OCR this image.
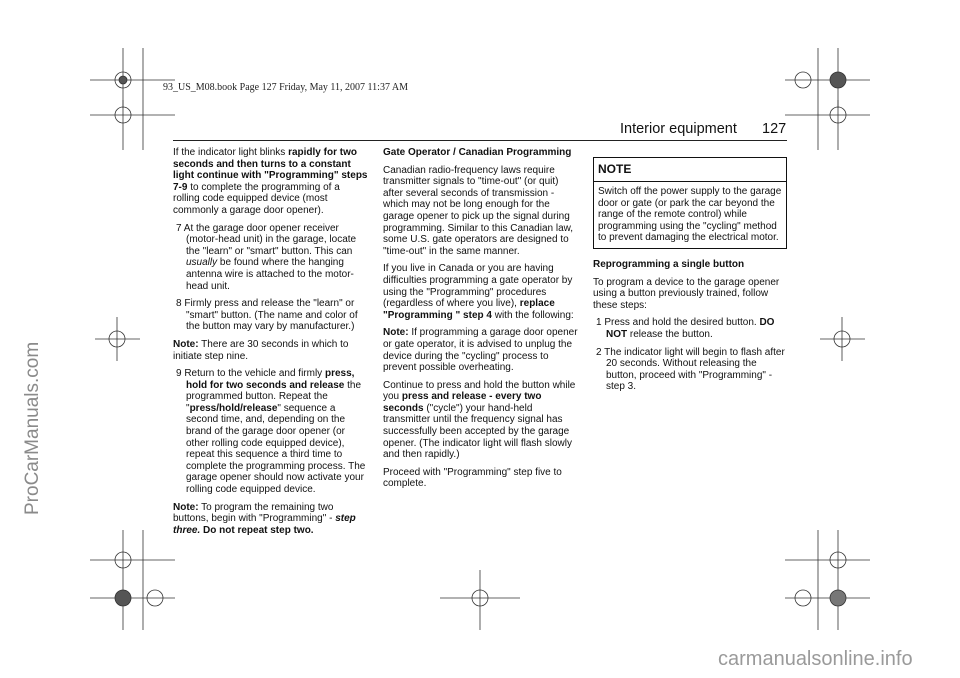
93_US_M08.book Page 127 Friday, May 11, 2007 11:37 AM
Interior equipment 127
ProCarManuals.com
carmanualsonline.info

If the indicator light blinks rapidly for two seconds and then turns to a constant light continue with "Programming" steps 7-9 to complete the programming of a rolling code equipped device (most commonly a garage door opener).

7 At the garage door opener receiver (motor-head unit) in the garage, locate the "learn" or "smart" button. This can usually be found where the hanging antenna wire is attached to the motor-head unit.

8 Firmly press and release the "learn" or "smart" button. (The name and color of the button may vary by manufacturer.)

Note: There are 30 seconds in which to initiate step nine.

9 Return to the vehicle and firmly press, hold for two seconds and release the programmed button. Repeat the "press/hold/release" sequence a second time, and, depending on the brand of the garage door opener (or other rolling code equipped device), repeat this sequence a third time to complete the programming process. The garage opener should now activate your rolling code equipped device.

Note: To program the remaining two buttons, begin with "Programming" - step three. Do not repeat step two.

Gate Operator / Canadian Programming

Canadian radio-frequency laws require transmitter signals to "time-out" (or quit) after several seconds of transmission - which may not be long enough for the garage opener to pick up the signal during programming. Similar to this Canadian law, some U.S. gate operators are designed to "time-out" in the same manner.

If you live in Canada or you are having difficulties programming a gate operator by using the "Programming" procedures (regardless of where you live), replace "Programming " step 4 with the following:

Note: If programming a garage door opener or gate operator, it is advised to unplug the device during the "cycling" process to prevent possible overheating.

Continue to press and hold the button while you press and release - every two seconds ("cycle") your hand-held transmitter until the frequency signal has successfully been accepted by the garage opener. (The indicator light will flash slowly and then rapidly.)

Proceed with "Programming" step five to complete.

NOTE
Switch off the power supply to the garage door or gate (or park the car beyond the range of the remote control) while programming using the "cycling" method to prevent damaging the electrical motor.

Reprogramming a single button

To program a device to the garage opener using a button previously trained, follow these steps:

1 Press and hold the desired button. DO NOT release the button.

2 The indicator light will begin to flash after 20 seconds. Without releasing the button, proceed with "Programming" - step 3.
